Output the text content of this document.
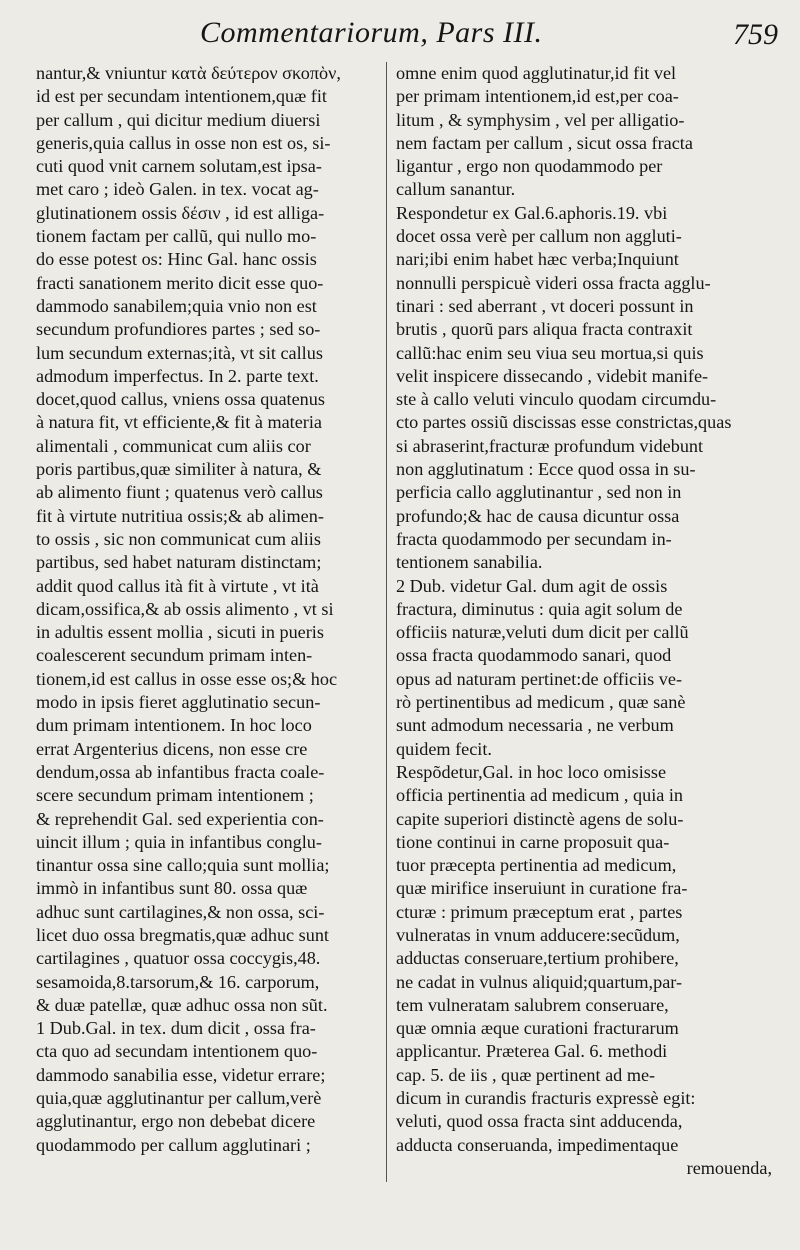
Commentariorum, Pars III.	759
nantur,& vniuntur κατὰ δεύτερον σκοπὸν,
id est per secundam intentionem,quæ fit
per callum , qui dicitur medium diuersi
generis,quia callus in osse non est os, si-
cuti quod vnit carnem solutam,est ipsa-
met caro ; ideò Galen. in tex. vocat ag-
glutinationem ossis δέσιν , id est alliga-
tionem factam per callũ, qui nullo mo-
do esse potest os: Hinc Gal. hanc ossis
fracti sanationem merito dicit esse quo-
dammodo sanabilem;quia vnio non est
secundum profundiores partes ; sed so-
lum secundum externas;ità, vt sit callus
admodum imperfectus. In 2. parte text.
docet,quod callus, vniens ossa quatenus
à natura fit, vt efficiente,& fit à materia
alimentali , communicat cum aliis cor
poris partibus,quæ similiter à natura, &
ab alimento fiunt ; quatenus verò callus
fit à virtute nutritiua ossis;& ab alimen-
to ossis , sic non communicat cum aliis
partibus, sed habet naturam distinctam;
addit quod callus ità fit à virtute , vt ità
dicam,ossifica,& ab ossis alimento , vt si
in adultis essent mollia , sicuti in pueris
coalescerent secundum primam inten-
tionem,id est callus in osse esse os;& hoc
modo in ipsis fieret agglutinatio secun-
dum primam intentionem. In hoc loco
errat Argenterius dicens, non esse cre
dendum,ossa ab infantibus fracta coale-
scere secundum primam intentionem ;
& reprehendit Gal. sed experientia con-
uincit illum ; quia in infantibus conglu-
tinantur ossa sine callo;quia sunt mollia;
immò in infantibus sunt 80. ossa quæ
adhuc sunt cartilagines,& non ossa, sci-
licet duo ossa bregmatis,quæ adhuc sunt
cartilagines , quatuor ossa coccygis,48.
sesamoida,8.tarsorum,& 16. carporum,
& duæ patellæ, quæ adhuc ossa non sũt.
1 Dub.Gal. in tex. dum dicit , ossa fra-
cta quo ad secundam intentionem quo-
dammodo sanabilia esse, videtur errare;
quia,quæ agglutinantur per callum,verè
agglutinantur, ergo non debebat dicere
quodammodo per callum agglutinari ;
omne enim quod agglutinatur,id fit vel
per primam intentionem,id est,per coa-
litum , & symphysim , vel per alligatio-
nem factam per callum , sicut ossa fracta
ligantur , ergo non quodammodo per
callum sanantur.
Respondetur ex Gal.6.aphoris.19. vbi
docet ossa verè per callum non aggluti-
nari;ibi enim habet hæc verba;Inquiunt
nonnulli perspicuè videri ossa fracta agglu-
tinari : sed aberrant , vt doceri possunt in
brutis , quorũ pars aliqua fracta contraxit
callũ:hac enim seu viua seu mortua,si quis
velit inspicere dissecando , videbit manife-
ste à callo veluti vinculo quodam circumdu-
cto partes ossiũ discissas esse constrictas,quas
si abraserint,fracturæ profundum videbunt
non agglutinatum : Ecce quod ossa in su-
perficia callo agglutinantur , sed non in
profundo;& hac de causa dicuntur ossa
fracta quodammodo per secundam in-
tentionem sanabilia.
2 Dub. videtur Gal. dum agit de ossis
fractura, diminutus : quia agit solum de
officiis naturæ,veluti dum dicit per callũ
ossa fracta quodammodo sanari, quod
opus ad naturam pertinet:de officiis ve-
rò pertinentibus ad medicum , quæ sanè
sunt admodum necessaria , ne verbum
quidem fecit.
Respõdetur,Gal. in hoc loco omisisse
officia pertinentia ad medicum , quia in
capite superiori distinctè agens de solu-
tione continui in carne proposuit qua-
tuor præcepta pertinentia ad medicum,
quæ mirifice inseruiunt in curatione fra-
cturæ : primum præceptum erat , partes
vulneratas in vnum adducere:secũdum,
adductas conseruare,tertium prohibere,
ne cadat in vulnus aliquid;quartum,par-
tem vulneratam salubrem conseruare,
quæ omnia æque curationi fracturarum
applicantur. Præterea Gal. 6. methodi
cap. 5. de iis , quæ pertinent ad me-
dicum in curandis fracturis expressè egit:
veluti, quod ossa fracta sint adducenda,
adducta conseruanda, impedimentaque
remouenda,
